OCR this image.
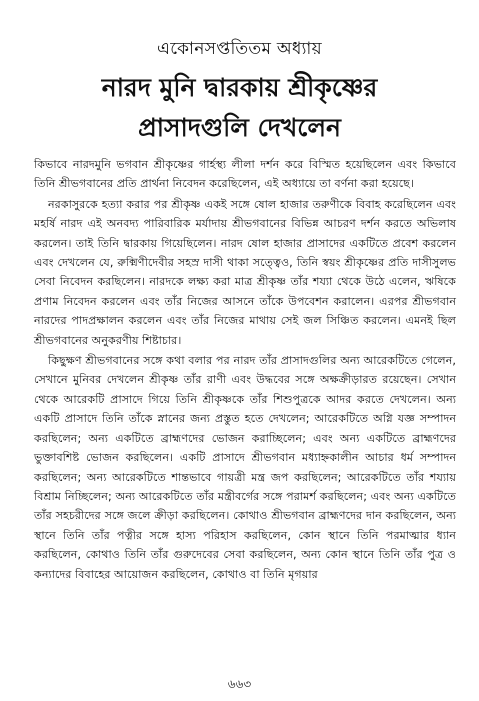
একোনসপ্ততিতম অধ্যায়
নারদ মুনি দ্বারকায় শ্রীকৃষ্ণের
প্রাসাদগুলি দেখলেন

কিভাবে নারদমুনি ভগবান শ্রীকৃষ্ণের গার্হস্থ্য লীলা দর্শন করে বিস্মিত হয়েছিলেন এবং কিভাবে তিনি শ্রীভগবানের প্রতি প্রার্থনা নিবেদন করেছিলেন, এই অধ্যায়ে তা বর্ণনা করা হয়েছে।

নরকাসুরকে হত্যা করার পর শ্রীকৃষ্ণ একই সঙ্গে ষোল হাজার তরুণীকে বিবাহ করেছিলেন এবং মহর্ষি নারদ এই অনবদ্য পারিবারিক মর্যাদায় শ্রীভগবানের বিভিন্ন আচরণ দর্শন করতে অভিলাষ করলেন। তাই তিনি দ্বারকায় গিয়েছিলেন। নারদ ষোল হাজার প্রাসাদের একটিতে প্রবেশ করলেন এবং দেখলেন যে, রুক্মিণীদেবীর সহস্র দাসী থাকা সত্ত্বেও, তিনি স্বয়ং শ্রীকৃষ্ণের প্রতি দাসীসুলভ সেবা নিবেদন করছিলেন। নারদকে লক্ষ্য করা মাত্র শ্রীকৃষ্ণ তাঁর শয্যা থেকে উঠে এলেন, ঋষিকে প্রণাম নিবেদন করলেন এবং তাঁর নিজের আসনে তাঁকে উপবেশন করালেন। এরপর শ্রীভগবান নারদের পাদপ্রক্ষালন করলেন এবং তাঁর নিজের মাথায় সেই জল সিঞ্চিত করলেন। এমনই ছিল শ্রীভগবানের অনুকরণীয় শিষ্টাচার।

কিছুক্ষণ শ্রীভগবানের সঙ্গে কথা বলার পর নারদ তাঁর প্রাসাদগুলির অন্য আরেকটিতে গেলেন, সেখানে মুনিবর দেখলেন শ্রীকৃষ্ণ তাঁর রাণী এবং উদ্ধবের সঙ্গে অক্ষক্রীড়ারত রয়েছেন। সেখান থেকে আরেকটি প্রাসাদে গিয়ে তিনি শ্রীকৃষ্ণকে তাঁর শিশুপুত্রকে আদর করতে দেখলেন। অন্য একটি প্রাসাদে তিনি তাঁকে স্নানের জন্য প্রস্তুত হতে দেখলেন; আরেকটিতে অগ্নি যজ্ঞ সম্পাদন করছিলেন; অন্য একটিতে ব্রাহ্মণদের ভোজন করাচ্ছিলেন; এবং অন্য একটিতে ব্রাহ্মণদের ভুক্তাবশিষ্ট ভোজন করছিলেন। একটি প্রাসাদে শ্রীভগবান মধ্যাহ্নকালীন আচার ধর্ম সম্পাদন করছিলেন; অন্য আরেকটিতে শান্তভাবে গায়ত্রী মন্ত্র জপ করছিলেন; আরেকটিতে তাঁর শয্যায় বিশ্রাম নিচ্ছিলেন; অন্য আরেকটিতে তাঁর মন্ত্রীবর্গের সঙ্গে পরামর্শ করছিলেন; এবং অন্য একটিতে তাঁর সহচরীদের সঙ্গে জলে ক্রীড়া করছিলেন। কোথাও শ্রীভগবান ব্রাহ্মণদের দান করছিলেন, অন্য স্থানে তিনি তাঁর পত্নীর সঙ্গে হাস্য পরিহাস করছিলেন, কোন স্থানে তিনি পরমাত্মার ধ্যান করছিলেন, কোথাও তিনি তাঁর গুরুদেবের সেবা করছিলেন, অন্য কোন স্থানে তিনি তাঁর পুত্র ও কন্যাদের বিবাহের আয়োজন করছিলেন, কোথাও বা তিনি মৃগয়ার

৬৬৩
